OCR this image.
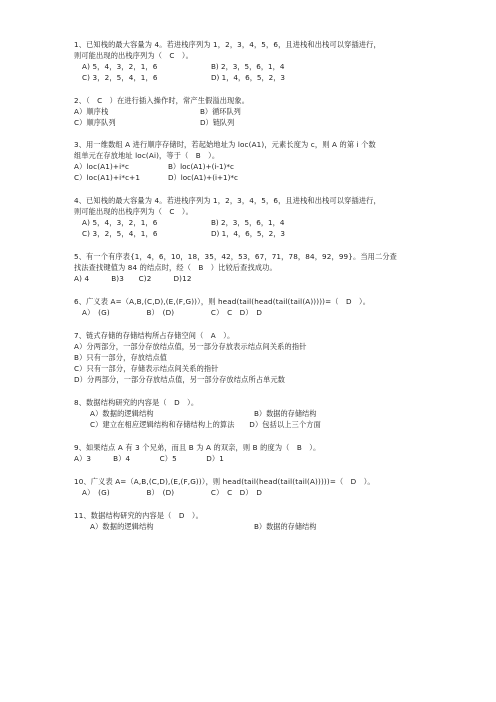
1、已知栈的最大容量为 4。若进栈序列为 1，2，3，4，5，6，且进栈和出栈可以穿插进行，
则可能出现的出栈序列为（　C　）。
A) 5，4，3，2，1，6	B) 2，3，5，6，1，4
C) 3，2，5，4，1，6	D) 1，4，6，5，2，3
2、（　C　）在进行插入操作时，常产生假溢出现象。
A）顺序栈	B）循环队列
C）顺序队列	D）链队列
3、用一维数组 A 进行顺序存储时，若起始地址为 loc(A1)，元素长度为 c，则 A 的第 i 个数
组单元在存放地址 loc(Ai)，等于（　B　）。
A）loc(A1)+i*c	B）loc(A1)+(i-1)*c
C）loc(A1)+i*c+1	D）loc(A1)+(i+1)*c
4、已知栈的最大容量为 4。若进栈序列为 1，2，3，4，5，6，且进栈和出栈可以穿插进行，
则可能出现的出栈序列为（　C　）。
A) 5，4，3，2，1，6	B) 2，3，5，6，1，4
C) 3，2，5，4，1，6	D) 1，4，6，5，2，3
5、有一个有序表{1，4，6，10，18，35，42，53，67，71，78，84，92，99}。当用二分查
找法查找键值为 84 的结点时，经（　B　）比较后查找成功。
A) 4　　　B)3　　C)2　　　D)12
6、广义表 A=（A,B,(C,D),(E,(F,G))），则 head(tail(head(tail(tail(A)))))=（　D　）。
A）　(G)　　　　　B）　(D)　　　　　C）　C　D）　D
7、链式存储的存储结构所占存储空间（　A　）。
A）分两部分，一部分存放结点值，另一部分存放表示结点间关系的指针
B）只有一部分，存放结点值
C）只有一部分，存储表示结点间关系的指针
D）分两部分，一部分存放结点值，另一部分存放结点所占单元数
8、数据结构研究的内容是（　D　）。
A）数据的逻辑结构	B）数据的存储结构
C）建立在相应逻辑结构和存储结构上的算法　　D）包括以上三个方面
9、如果结点 A 有 3 个兄弟，而且 B 为 A 的双亲，则 B 的度为（　B　）。
A）3　　　B）4　　　　C）5　　　　D）1
10、广义表 A=（A,B,(C,D),(E,(F,G))），则 head(tail(head(tail(tail(A)))))=（　D　）。
A）　(G)　　　　　B）　(D)　　　　　C）　C　D）　D
11、数据结构研究的内容是（　D　）。
A）数据的逻辑结构	B）数据的存储结构
